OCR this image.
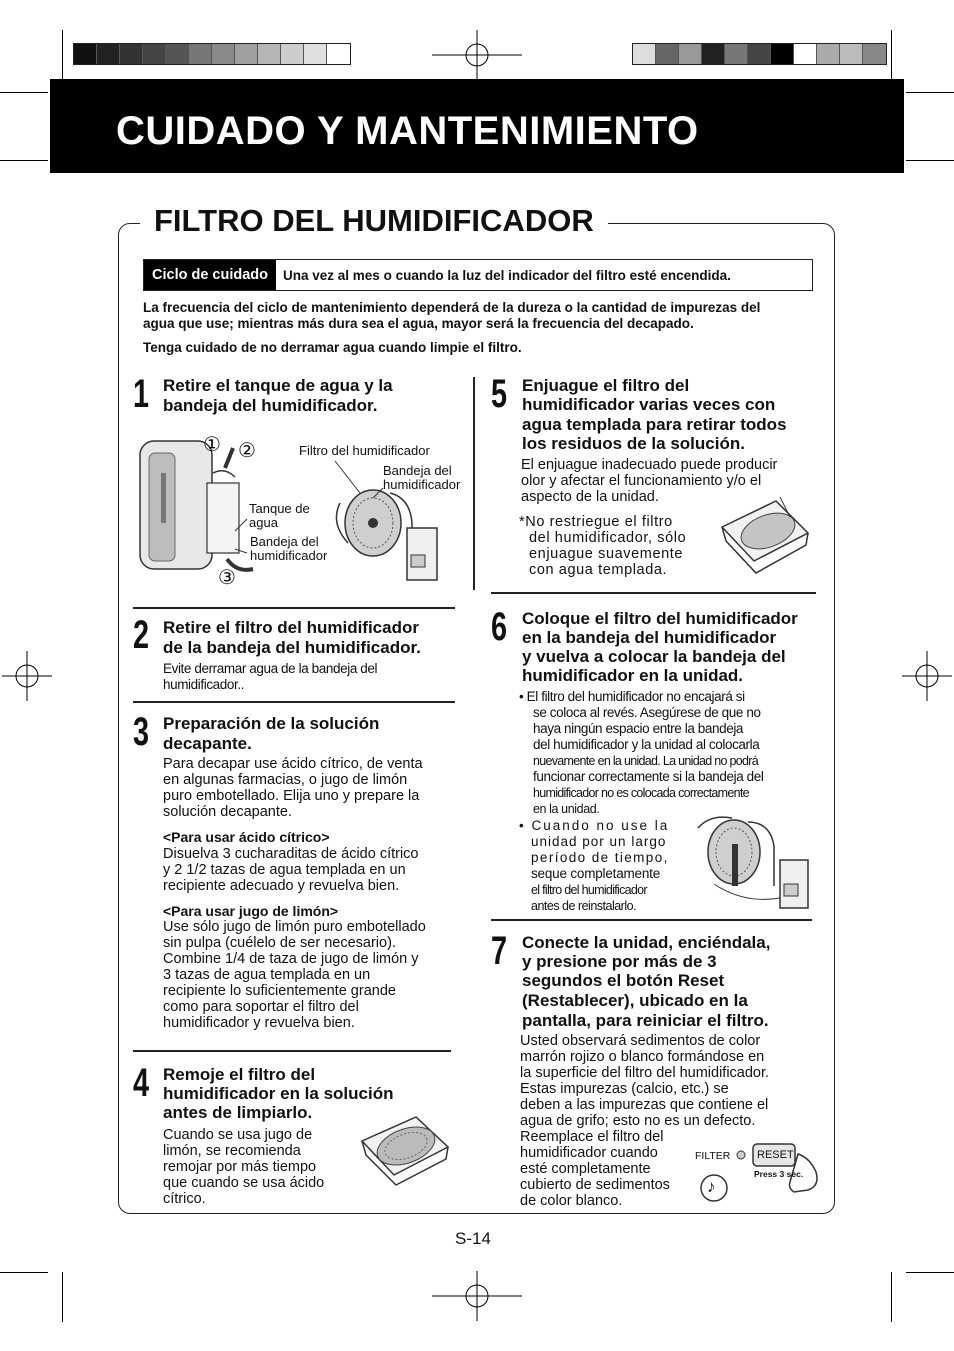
CUIDADO Y MANTENIMIENTO
FILTRO DEL HUMIDIFICADOR
Ciclo de cuidado	Una vez al mes o cuando la luz del indicador del filtro esté encendida.
La frecuencia del ciclo de mantenimiento dependerá de la dureza o la cantidad de impurezas del
agua que use; mientras más dura sea el agua, mayor será la frecuencia del decapado.
Tenga cuidado de no derramar agua cuando limpie el filtro.
1 Retire el tanque de agua y la
bandeja del humidificador.
① ②
③
Filtro del humidificador
Bandeja del
humidificador
Tanque de
agua
Bandeja del
humidificador
2 Retire el filtro del humidificador
de la bandeja del humidificador.
Evite derramar agua de la bandeja del
humidificador..
3 Preparación de la solución
decapante.
Para decapar use ácido cítrico, de venta
en algunas farmacias, o jugo de limón
puro embotellado. Elija uno y prepare la
solución decapante.
<Para usar ácido cítrico>
Disuelva 3 cucharaditas de ácido cítrico
y 2 1/2 tazas de agua templada en un
recipiente adecuado y revuelva bien.
<Para usar jugo de limón>
Use sólo jugo de limón puro embotellado
sin pulpa (cuélelo de ser necesario).
Combine 1/4 de taza de jugo de limón y
3 tazas de agua templada en un
recipiente lo suficientemente grande
como para soportar el filtro del
humidificador y revuelva bien.
4 Remoje el filtro del
humidificador en la solución
antes de limpiarlo.
Cuando se usa jugo de
limón, se recomienda
remojar por más tiempo
que cuando se usa ácido
cítrico.
5 Enjuague el filtro del
humidificador varias veces con
agua templada para retirar todos
los residuos de la solución.
El enjuague inadecuado puede producir
olor y afectar el funcionamiento y/o el
aspecto de la unidad.
*No restriegue el filtro
del humidificador, sólo
enjuague suavemente
con agua templada.
6 Coloque el filtro del humidificador
en la bandeja del humidificador
y vuelva a colocar la bandeja del
humidificador en la unidad.
• El filtro del humidificador no encajará si
se coloca al revés. Asegúrese de que no
haya ningún espacio entre la bandeja
del humidificador y la unidad al colocarla
nuevamente en la unidad. La unidad no podrá
funcionar correctamente si la bandeja del
humidificador no es colocada correctamente
en la unidad.
• Cuando no use la
unidad por un largo
período de tiempo,
seque completamente
el filtro del humidificador
antes de reinstalarlo.
7 Conecte la unidad, enciéndala,
y presione por más de 3
segundos el botón Reset
(Restablecer), ubicado en la
pantalla, para reiniciar el filtro.
Usted observará sedimentos de color
marrón rojizo o blanco formándose en
la superficie del filtro del humidificador.
Estas impurezas (calcio, etc.) se
deben a las impurezas que contiene el
agua de grifo; esto no es un defecto.
Reemplace el filtro del
humidificador cuando
esté completamente
cubierto de sedimentos
de color blanco.
FILTER RESET
Press 3 sec.
♪
S-14
